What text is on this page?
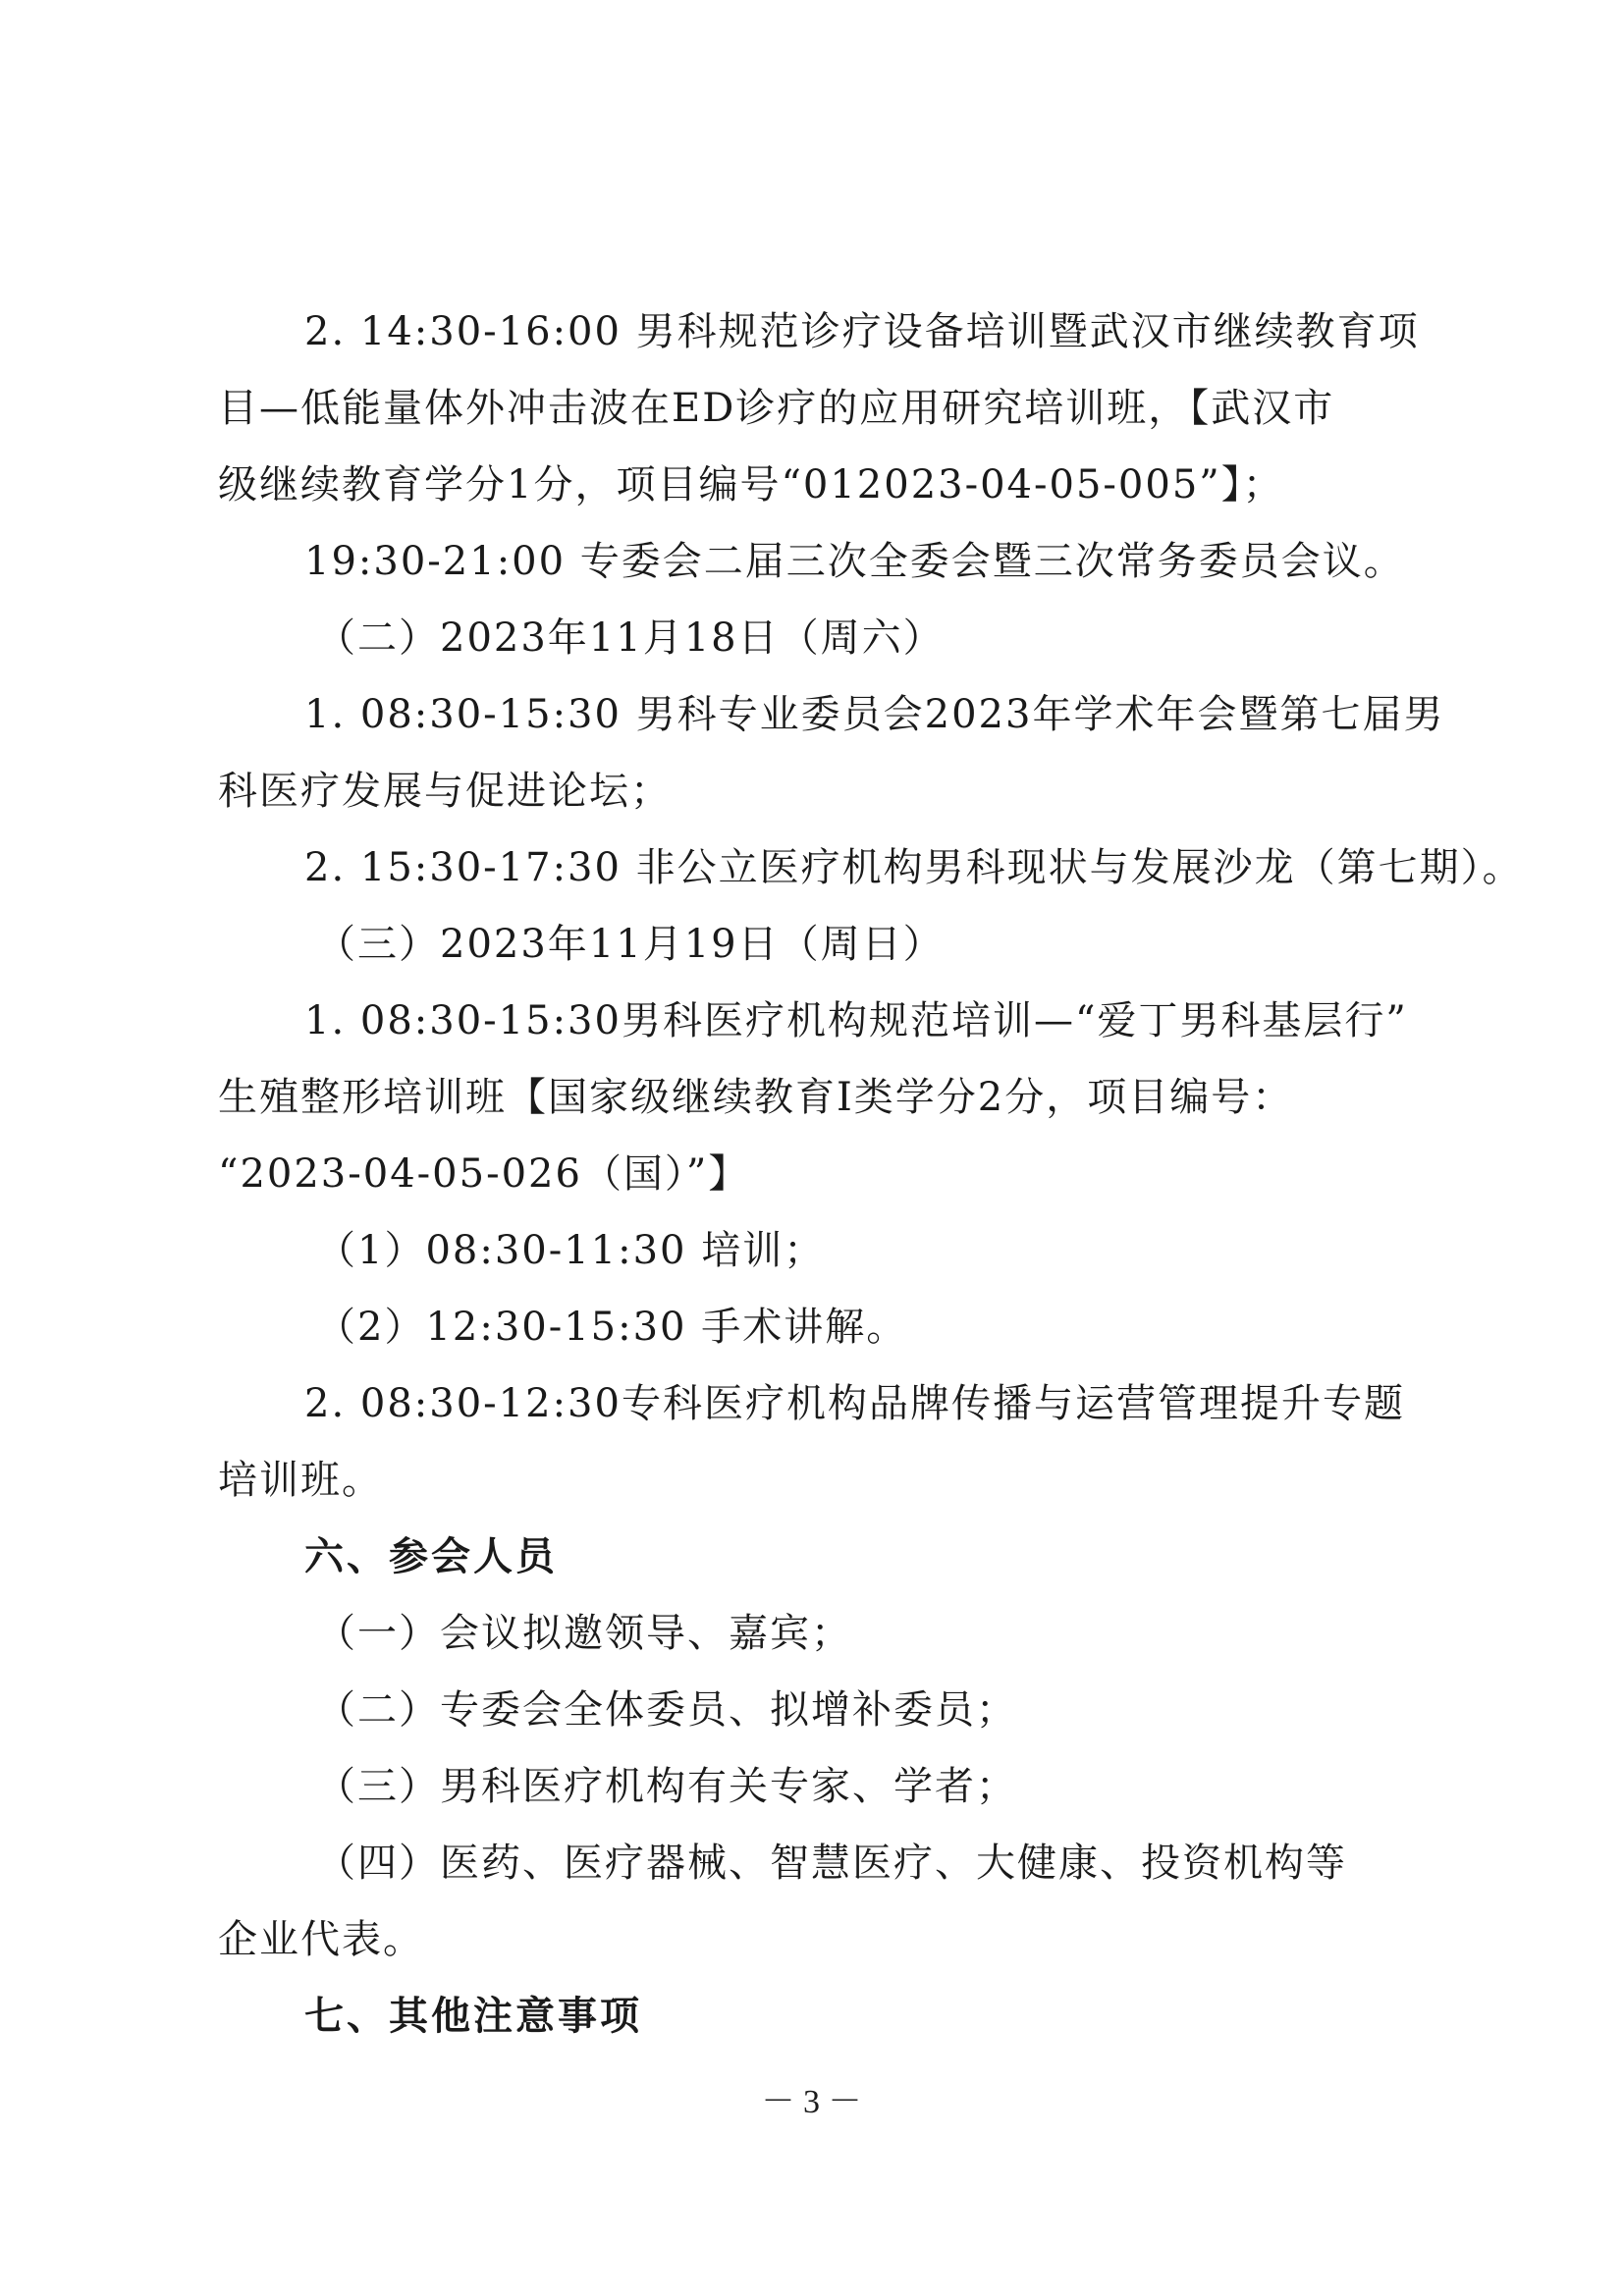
2. 14:30-16:00 男科规范诊疗设备培训暨武汉市继续教育项
目—低能量体外冲击波在ED诊疗的应用研究培训班，【武汉市
级继续教育学分1分，项目编号“012023-04-05-005”】；
19:30-21:00 专委会二届三次全委会暨三次常务委员会议。
（二）2023年11月18日（周六）
1. 08:30-15:30 男科专业委员会2023年学术年会暨第七届男
科医疗发展与促进论坛；
2. 15:30-17:30 非公立医疗机构男科现状与发展沙龙（第七期）。
（三）2023年11月19日（周日）
1. 08:30-15:30男科医疗机构规范培训—“爱丁男科基层行”
生殖整形培训班【国家级继续教育I类学分2分，项目编号：
“2023-04-05-026（国）”】
（1）08:30-11:30 培训；
（2）12:30-15:30 手术讲解。
2. 08:30-12:30专科医疗机构品牌传播与运营管理提升专题
培训班。
六、参会人员
（一）会议拟邀领导、嘉宾；
（二）专委会全体委员、拟增补委员；
（三）男科医疗机构有关专家、学者；
（四）医药、医疗器械、智慧医疗、大健康、投资机构等
企业代表。
七、其他注意事项
－ 3 －
